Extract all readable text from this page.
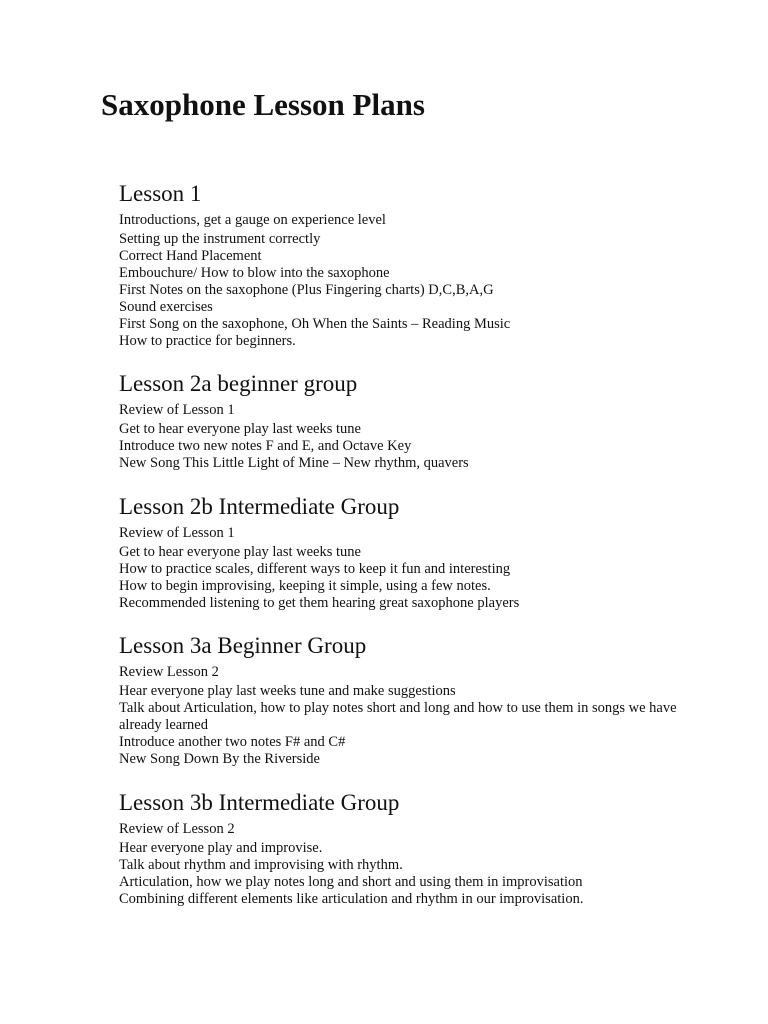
Saxophone Lesson Plans
Lesson 1
Introductions, get a gauge on experience level
Setting up the instrument correctly
Correct Hand Placement
Embouchure/ How to blow into the saxophone
First Notes on the saxophone (Plus Fingering charts) D,C,B,A,G
Sound exercises
First Song on the saxophone, Oh When the Saints – Reading Music
How to practice for beginners.
Lesson 2a beginner group
Review of Lesson 1
Get to hear everyone play last weeks tune
Introduce two new notes F and E, and Octave Key
New Song This Little Light of Mine – New rhythm, quavers
Lesson 2b Intermediate Group
Review of Lesson 1
Get to hear everyone play last weeks tune
How to practice scales, different ways to keep it fun and interesting
How to begin improvising, keeping it simple, using a few notes.
Recommended listening to get them hearing great saxophone players
Lesson 3a Beginner Group
Review Lesson 2
Hear everyone play last weeks tune and make suggestions
Talk about Articulation, how to play notes short and long and how to use them in songs we have already learned
Introduce another two notes F# and C#
New Song Down By the Riverside
Lesson 3b Intermediate Group
Review of Lesson 2
Hear everyone play and improvise.
Talk about rhythm and improvising with rhythm.
Articulation, how we play notes long and short and using them in improvisation
Combining different elements like articulation and rhythm in our improvisation.
